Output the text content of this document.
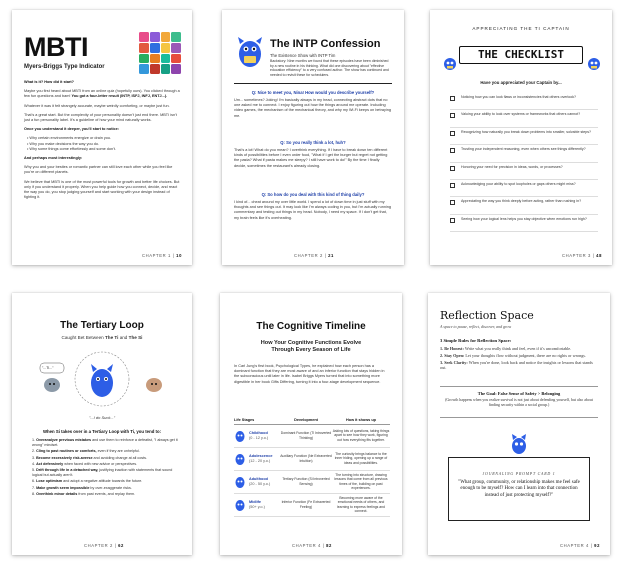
MBTI
Myers-Briggs Type Indicator

What is it? How did it start?

Maybe you first heard about MBTI from an online quiz (hopefully ours). You clicked through a few fun questions and bam! You got a four-letter result (INTP, ISFJ, INFJ, ENTJ...).

Whatever it was it felt strangely accurate, maybe weirdly comforting, or maybe just fun.

That's a great start. But the complexity of your personality doesn't just end there. MBTI isn't just a fun personality label. It's a guideline of how your mind naturally works.

Once you understand it deeper, you'll start to notice:

• Why certain environments energize or drain you.
• Why you make decisions the way you do.
• Why some things come effortlessly and some don't.

And perhaps most interestingly:

Why you and your besties or romantic partner can still love each other while you feel like you're on different planets.

We believe that MBTI is one of the most powerful tools for growth and better life choices. But only if you understand it properly. When you help guide how you connect, decide, and react the way you do, you stop judging yourself and start working with your design instead of fighting it.

CHAPTER 1 | 10
The INTP Confession
The Existence Show with INTP Tim
Backstory: Nine months we found that these episodes have been diminished by a new routine in his thinking. What did one discovering about "effective education efficiency" to a very confused author. The show has continued and needed to revisit these for schedulers.
Q: Nice to meet you, Nina! How would you describe yourself?
Um... sometimes? Joking! I'm basically always in my head, connecting abstract dots that no one asked me to connect. I enjoy figuring out how the things around me operate. Including video games, the mechanism of the mechanical theory, and why my Wi-Fi keeps on betraying me.
Q: So you really think a lot, huh?
That's a lot! What do you mean? I overthink everything. If I have to break down ten different kinds of possibilities before I even order food, "What if I get the burger but regret not getting the pasta? What if pasta makes me sleepy? I still have work to do!" By the time I finally decide, sometimes the restaurant's already closing.
Q: So how do you deal with this kind of thing daily?
I kind of... cheat around my over little world. I spend a lot of down time in just stuff with my thoughts and see things out. It may look like I'm always coding in you, but I'm actually running commentary and testing out things in my head. Nobody, I need my space. If I don't get that, my brain feels like it's overheating.
CHAPTER 2 | 21
APPRECIATING THE TI CAPTAIN
THE CHECKLIST
Have you appreciated your Captain by...
Noticing how you can look flaws or inconsistencies that others overlook?
Valuing your ability to look over systems or frameworks that others cannot?
Recognizing how naturally you break down problems into smaller, solvable steps?
Trusting your independent reasoning, even when others see things differently?
Honoring your need for precision in ideas, words, or processes?
Acknowledging your ability to spot loopholes or gaps others might miss?
Appreciating the way you think deeply before acting, rather than rushing in?
Seeing how your logical lens helps you stay objective when emotions run high?
CHAPTER 3 | 48
The Tertiary Loop
Caught Bet Between The Ti and The Si
"...Ti..."
"...I do Suck..."
When Si takes over in a Tertiary Loop with Ti, you tend to:
1. Overanalyze previous mistakes and use them to reinforce a defeatist, "I always get it wrong" mindset.
2. Cling to past routines or comforts, even if they are unhelpful.
3. Become excessively risk-averse and avoiding change at all costs.
4. Act defensively when faced with new advice or perspectives.
5. Drift through life in a detached way, justifying inaction with statements that sound logical but actually aren't.
6. Lose optimism and adopt a negative attitude towards the future.
7. Make growth seem impossible by over-exaggerate risks.
8. Overthink minor details from past events, and replay them.
CHAPTER 2 | 62
The Cognitive Timeline
How Your Cognitive Functions Evolve Through Every Season of Life
In Carl Jung's first book, Psychological Types, he explained how each person has a dominant function that they are most aware of and an inferior function that stays hidden in the subconscious until later in life. Isabel Briggs Myers turned that into something more digestible in her book Gifts Differing, turning it into a four-stage development sequence.
Life Stages	Development	How it shows up
Childhood
(0 - 12 y.o.)
Dominant Function (Ti Introverted Thinking)
Asking lots of questions, taking things apart to see how they work, figuring out how everything fits together.
Adolescence
(12 - 20 y.o.)
Auxiliary Function (Ne Extraverted Intuition)
The curiosity brings balance to the inner hiding, opening up a range of ideas and possibilities.
Adulthood
(20 - 50 y.o.)
Tertiary Function (Si Introverted Sensing)
The turning into structure, drawing lessons that come from all previous times of the, building on past experiences.
Midlife
(50+ y.o.)
Inferior Function (Fe Extraverted Feeling)
Becoming more aware of the emotional needs of others, and learning to express feelings and connect.
CHAPTER 4 | 82
Reflection Space
A space to pause, reflect, discover, and grow
3 Simple Rules for Reflection Space:
1. Be Honest: Write what you really think and feel, even if it's uncomfortable.
2. Stay Open: Let your thoughts flow without judgment, there are no rights or wrongs.
3. Seek Clarity: When you're done, look back and notice the insights or lessons that stands out.
The Goal: False Sense of Safety > Belonging
(Growth happens when you realize survival is not just about defending yourself, but also about finding security within a social group.)
JOURNALING PROMPT CARD 1
"What group, community, or relationship makes me feel safe enough to be myself? How can I learn into that connection instead of just protecting myself?"
CHAPTER 4 | 92
